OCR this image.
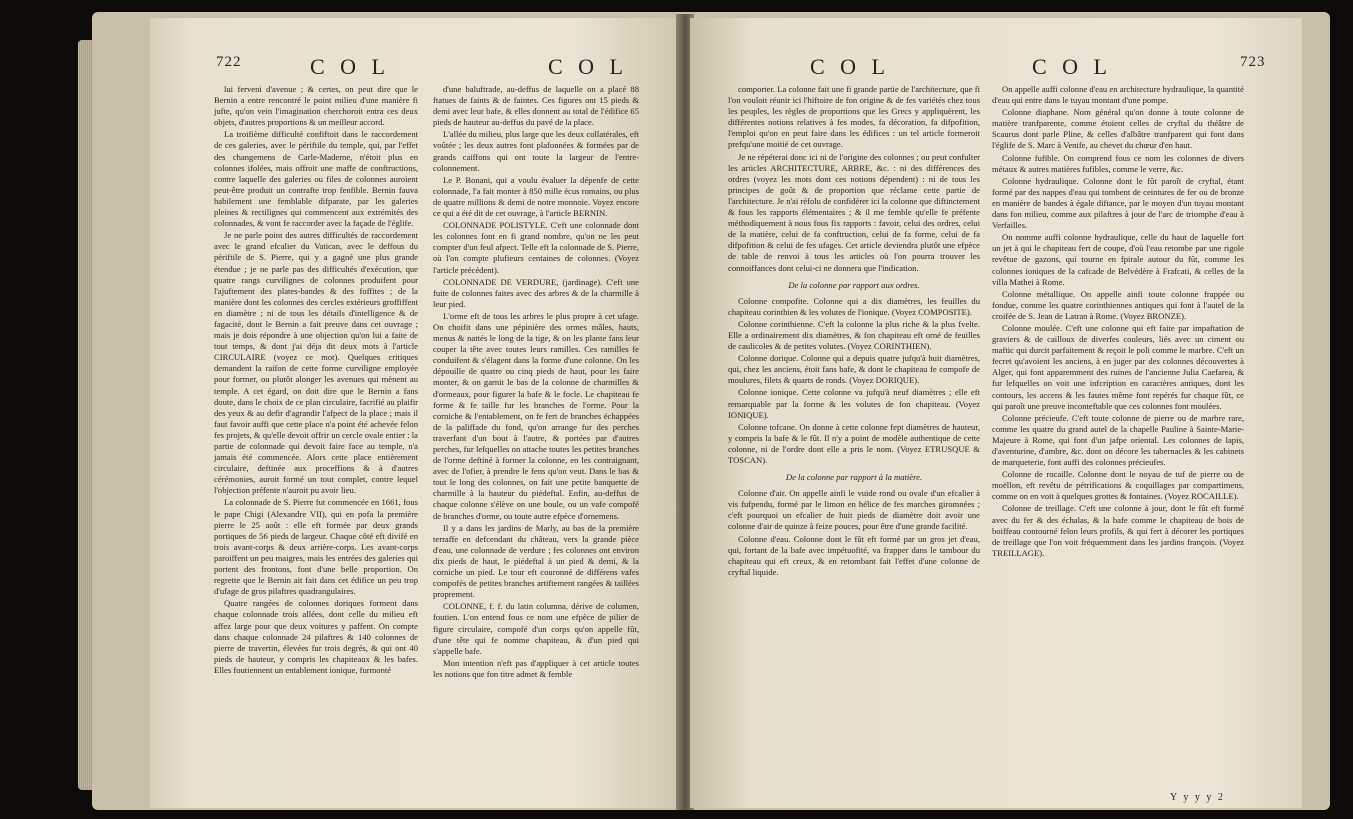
722	C O L	C O L

lui ferveni d'avenue ; & certes, on peut dire que le Bernin a entre rencontré le point milieu d'une manière fi jufte, qu'on vein l'imagination cherchoroit entra ces deux objets, d'autres proportions & un meilleur accord.

La troifième difficulté confiftoit dans le raccordement de ces galeries, avec le périftile du temple, qui, par l'effet des changemens de Carle-Maderne, n'étoit plus en colonnes ifolées, mais offroit une maffe de conftructions, contre laquelle des galeries ou files de colonnes auroient peut-être produit un contrafte trop fenfible. Bernin fauva habilement une femblable difparate, par les galeries pleines & rectilignes qui commencent aux extrémités des colonnades, & vont fe raccorder avec la façade de l'églife.

Je ne parle point des autres difficultés de raccordement avec le grand efcalier du Vatican, avec le deffous du périftile de S. Pierre, qui y a gagné une plus grande étendue ; je ne parle pas des difficultés d'exécution, que quatre rangs curvilignes de colonnes produifent pour l'ajuftement des plates-bandes & des foffites ; de la manière dont les colonnes des cercles extérieurs groffiffent en diamètre ; ni de tous les détails d'intelligence & de fagacité, dont le Bernin a fait preuve dans cet ouvrage ; mais je dois répondre à une objection qu'on lui a faite de tout temps, & dont j'ai déja dit deux mots à l'article CIRCULAIRE (voyez ce mot). Quelques critiques demandent la raifon de cette forme curviligne employée pour former, ou plutôt alonger les avenues qui mènent au temple. A cet égard, on doit dire que le Bernin a fans doute, dans le choix de ce plan circulaire, facrifié au plaifir des yeux & au defir d'agrandir l'afpect de la place ; mais il faut favoir auffi que cette place n'a point été achevée felon fes projets, & qu'elle devoit offrir un cercle ovale entier : la partie de colonnade qui devoit faire face au temple, n'a jamais été commencée. Alors cette place entièrement circulaire, deftinée aux proceffions & à d'autres cérémonies, auroit formé un tout complet, contre lequel l'objection préfente n'auroit pu avoir lieu.

La colonnade de S. Pierre fut commencée en 1661, fous le pape Chigi (Alexandre VII), qui en pofa la première pierre le 25 août : elle eft formée par deux grands portiques de 56 pieds de largeur. Chaque côté eft divifé en trois avant-corps & deux arrière-corps. Les avant-corps paroiffent un peu maigres, mais les entrées des galeries qui portent des frontons, font d'une belle proportion. On regrette que le Bernin ait fait dans cet édifice un peu trop d'ufage de gros pilaftres quadrangulaires.

Quatre rangées de colonnes doriques forment dans chaque colonnade trois allées, dont celle du milieu eft affez large pour que deux voitures y paffent. On compte dans chaque colonnade 24 pilaftres & 140 colonnes de pierre de travertin, élevées fur trois degrés, & qui ont 40 pieds de hauteur, y compris les chapiteaux & les bafes. Elles foutiennent un entablement ionique, furmonté

d'une baluftrade, au-deffus de laquelle on a placé 88 ftatues de faints & de faintes. Ces figures ont 15 pieds & demi avec leur bafe, & elles donnent au total de l'édifice 65 pieds de hauteur au-deffus du pavé de la place.

L'allée du milieu, plus large que les deux collatérales, eft voûtée ; les deux autres font plafonnées & formées par de grands caiffons qui ont toute la largeur de l'entre-colonnement.

Le P. Bonani, qui a voulu évaluer la dépenfe de cette colonnade, l'a fait monter à 850 mille écus romains, ou plus de quatre millions & demi de notre monnoie. Voyez encore ce qui a été dit de cet ouvrage, à l'article BERNIN.

COLONNADE POLISTYLE. C'eft une colonnade dont les colonnes font en fi grand nombre, qu'on ne les peut compter d'un feul afpect. Telle eft la colonnade de S. Pierre, où l'on compte plufieurs centaines de colonnes. (Voyez l'article précédent).

COLONNADE DE VERDURE, (jardinage). C'eft une fuite de colonnes faites avec des arbres & de la charmille à leur pied.

L'orme eft de tous les arbres le plus propre à cet ufage. On choifit dans une pépinière des ormes mâles, hauts, menus & nattés le long de la tige, & on les plante fans leur couper la tête avec toutes leurs ramilles. Ces ramilles fe conduifent & s'élagent dans la forme d'une colonne. On les dépouille de quatre ou cinq pieds de haut, pour les faire monter, & on garnit le bas de la colonne de charmilles & d'ormeaux, pour figurer la bafe & le focle. Le chapiteau fe forme & fe taille fur les branches de l'orme. Pour la corniche & l'entablement, on fe fert de branches échappées de la paliffade du fond, qu'on arrange fur des perches traverfant d'un bout à l'autre, & portées par d'autres perches, fur lefquelles on attache toutes les petites branches de l'orme deftiné à former la colonne, en les contraignant, avec de l'ofier, à prendre le fens qu'on veut. Dans le bas & tout le long des colonnes, on fait une petite banquette de charmille à la hauteur du piédeftal. Enfin, au-deffus de chaque colonne s'élève on une boule, ou un vafe compofé de branches d'orme, ou toute autre efpèce d'ornemens.

Il y a dans les jardins de Marly, au bas de la première terraffe en defcendant du château, vers la grande pièce d'eau, une colonnade de verdure ; fes colonnes ont environ dix pieds de haut, le piédeftal à un pied & demi, & la corniche un pied. Le tour eft couronné de différens vafes compofés de petites branches artiftement rangées & taillées proprement.

COLONNE, f. f. du latin columna, dérive de columen, foutien. L'on entend fous ce nom une efpèce de pilier de figure circulaire, compofé d'un corps qu'on appelle fût, d'une tête qui fe nomme chapiteau, & d'un pied qui s'appelle bafe.

Mon intention n'eft pas d'appliquer à cet article toutes les notions que fon titre admet & femble

C O L	C O L	723

comporter. La colonne fait une fi grande partie de l'architecture, que fi l'on vouloit réunir ici l'hiftoire de fon origine & de fes variétés chez tous les peuples, les règles de proportions que les Grecs y appliquèrent, les différentes notions relatives à fes modes, fa décoration, fa difpofition, l'emploi qu'on en peut faire dans les édifices : un tel article formeroit prefqu'une moitié de cet ouvrage.

Je ne répéterai donc ici ni de l'origine des colonnes ; ou peut confulter les articles ARCHITECTURE, ARBRE, &c. : ni des différences des ordres (voyez les mots dont ces notions dépendent) : ni de tous les principes de goût & de proportion que réclame cette partie de l'architecture. Je n'ai réfolu de confidérer ici la colonne que diftinctement & fous les rapports élémentaires ; & il me femble qu'elle fe préfente méthodiquement à nous fous fix rapports : favoir, celui des ordres, celui de la matière, celui de fa conftruction, celui de fa forme, celui de fa difpofition & celui de fes ufages. Cet article deviendra plutôt une efpèce de table de renvoi à tous les articles où l'on pourra trouver les connoiffances dont celui-ci ne donnera que l'indication.

De la colonne par rapport aux ordres.

Colonne compofite. Colonne qui a dix diamètres, les feuilles du chapiteau corinthien & les volutes de l'ionique. (Voyez COMPOSITE).

Colonne corinthienne. C'eft la colonne la plus riche & la plus fvelte. Elle a ordinairement dix diamètres, & fon chapiteau eft orné de feuilles de caulicoles & de petites volutes. (Voyez CORINTHIEN).

Colonne dorique. Colonne qui a depuis quatre jufqu'à huit diamètres, qui, chez les anciens, étoit fans bafe, & dont le chapiteau fe compofe de moulures, filets & quarts de ronds. (Voyez DORIQUE).

Colonne ionique. Cette colonne va jufqu'à neuf diamètres ; elle eft remarquable par la forme & les volutes de fon chapiteau. (Voyez IONIQUE).

Colonne tofcane. On donne à cette colonne fept diamètres de hauteur, y compris la bafe & le fût. Il n'y a point de modèle authentique de cette colonne, ni de l'ordre dont elle a pris le nom. (Voyez ETRUSQUE & TOSCAN).

De la colonne par rapport à la matière.

Colonne d'air. On appelle ainfi le vuide rond ou ovale d'un efcalier à vis fufpendu, formé par le limon en hélice de fes marches giromnées ; c'eft pourquoi un efcalier de huit pieds de diamètre doit avoir une colonne d'air de quinze à feize pouces, pour être d'une grande facilité.

Colonne d'eau. Colonne dont le fût eft formé par un gros jet d'eau, qui, fortant de la bafe avec impétuofité, va frapper dans le tambour du chapiteau qui eft creux, & en retombant fait l'effet d'une colonne de cryftal liquide.

On appelle auffi colonne d'eau en architecture hydraulique, la quantité d'eau qui entre dans le tuyau montant d'une pompe.

Colonne diaphane. Nom général qu'on donne à toute colonne de matière tranfparente, comme étoient celles de cryftal du théâtre de Scaurus dont parle Pline, & celles d'albâtre tranfparent qui font dans l'églife de S. Marc à Venife, au chevet du chœur d'en haut.

Colonne fufible. On comprend fous ce nom les colonnes de divers métaux & autres matières fufibles, comme le verre, &c.

Colonne hydraulique. Colonne dont le fût paroît de cryftal, étant formé par des nappes d'eau qui tombent de ceintures de fer ou de bronze en manière de bandes à égale diftance, par le moyen d'un tuyau montant dans fon milieu, comme aux pilaftres à jour de l'arc de triomphe d'eau à Verfailles.

On nomme auffi colonne hydraulique, celle du haut de laquelle fort un jet à qui le chapiteau fert de coupe, d'où l'eau retombe par une rigole revêtue de gazons, qui tourne en fpirale autour du fût, comme les colonnes ioniques de la cafcade de Belvédère à Frafcati, & celles de la villa Mathei à Rome.

Colonne métallique. On appelle ainfi toute colonne frappée ou fondue, comme les quatre corinthiennes antiques qui font à l'autel de la croifée de S. Jean de Latran à Rome. (Voyez BRONZE).

Colonne moulée. C'eft une colonne qui eft faite par impaftation de graviers & de cailloux de diverfes couleurs, liés avec un ciment ou maftic qui durcit parfaitement & reçoit le poli comme le marbre. C'eft un fecret qu'avoient les anciens, à en juger par des colonnes découvertes à Alger, qui font apparemment des ruines de l'ancienne Julia Caefarea, & fur lefquelles on voit une infcription en caractères antiques, dont les contours, les accens & les fautes même font repérés fur chaque fût, ce qui paroît une preuve inconteftable que ces colonnes font moulées.

Colonne précieufe. C'eft toute colonne de pierre ou de marbre rare, comme les quatre du grand autel de la chapelle Pauline à Sainte-Marie-Majeure à Rome, qui font d'un jafpe oriental. Les colonnes de lapis, d'aventurine, d'ambre, &c. dont on décore les tabernacles & les cabinets de marqueterie, font auffi des colonnes précieufes.

Colonne de rocaille. Colonne dont le noyau de tuf de pierre ou de moëllon, eft revêtu de pétrifications & coquillages par compartimens, comme on en voit à quelques grottes & fontaines. (Voyez ROCAILLE).

Colonne de treillage. C'eft une colonne à jour, dont le fût eft formé avec du fer & des échalas, & la bafe comme le chapiteau de bois de boiffeau contourné felon leurs profils, & qui fert à décorer les portiques de treillage que l'on voit fréquemment dans les jardins françois. (Voyez TREILLAGE).

Y y y y 2
